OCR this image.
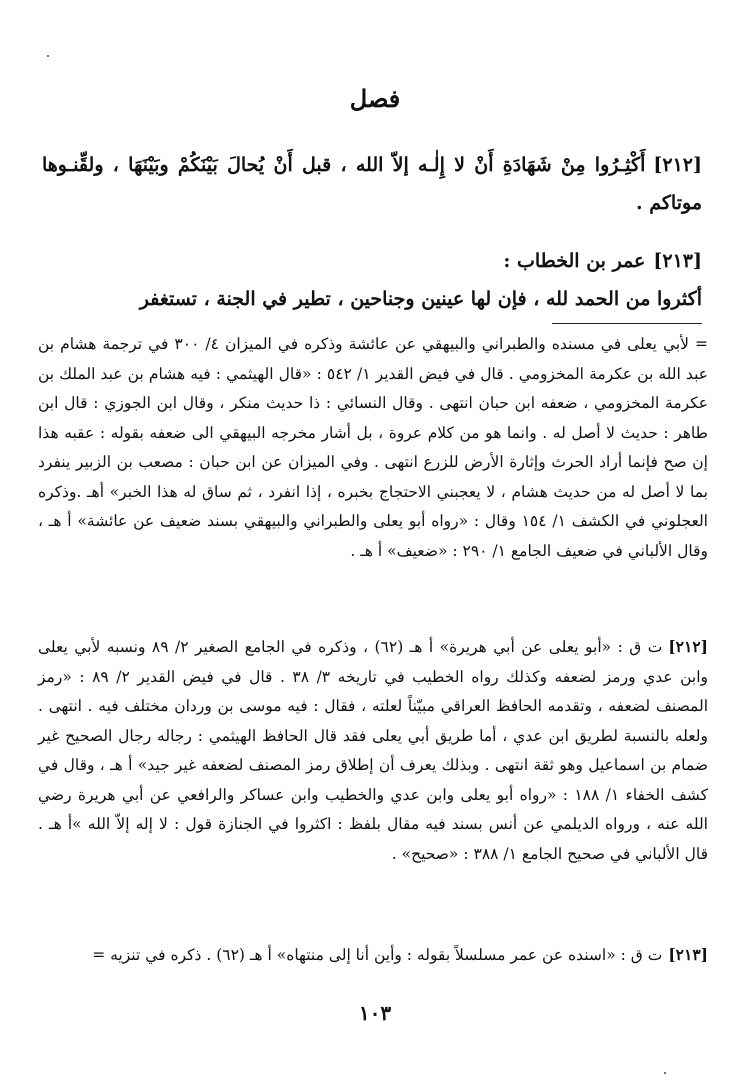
فصل
[٢١٢]أَكْثِـرُوا مِنْ شَهَادَةِ أَنْ لا إِلٰـه إلاّ الله ، قبل أَنْ يُحالَ بَيْنَكُمْ وبَيْنَهَا ، ولقِّنـوها موتاكم .
[٢١٣]عمر بن الخطاب :
أكثروا من الحمد لله ، فإن لها عينين وجناحين ، تطير في الجنة ، تستغفر
= لأبي يعلى في مسنده والطبراني والبيهقي عن عائشة وذكره في الميزان ٤/ ٣٠٠ في ترجمة هشام بن عبد الله بن عكرمة المخزومي . قال في فيض القدير ١/ ٥٤٢ : «قال الهيثمي : فيه هشام بن عبد الملك بن عكرمة المخزومي ، ضعفه ابن حبان انتهى . وقال النسائي : ذا حديث منكر ، وقال ابن الجوزي : قال ابن طاهر : حديث لا أصل له . وانما هو من كلام عروة ، بل أشار مخرجه البيهقي الى ضعفه بقوله : عقبه هذا إن صح فإنما أراد الحرث وإثارة الأرض للزرع انتهى . وفي الميزان عن ابن حبان : مصعب بن الزبير ينفرد بما لا أصل له من حديث هشام ، لا يعجبني الاحتجاج بخبره ، إذا انفرد ، ثم ساق له هذا الخبر» أهـ .وذكره العجلوني في الكشف ١/ ١٥٤ وقال : «رواه أبو يعلى والطبراني والبيهقي بسند ضعيف عن عائشة» أ هـ ، وقال الألباني في ضعيف الجامع ١/ ٢٩٠ : «ضعيف» أ هـ .
[٢١٢]ت ق : «أبو يعلى عن أبي هريرة» أ هـ (٦٢) ، وذكره في الجامع الصغير ٢/ ٨٩ ونسبه لأبي يعلى وابن عدي ورمز لضعفه وكذلك رواه الخطيب في تاريخه ٣/ ٣٨ . قال في فيض القدير ٢/ ٨٩ : «رمز المصنف لضعفه ، وتقدمه الحافظ العراقي مبيّناً لعلته ، فقال : فيه موسى بن وردان مختلف فيه . انتهى . ولعله بالنسبة لطريق ابن عدي ، أما طريق أبي يعلى فقد قال الحافظ الهيثمي : رجاله رجال الصحيح غير ضمام بن اسماعيل وهو ثقة انتهى . وبذلك يعرف أن إطلاق رمز المصنف لضعفه غير جيد» أ هـ ، وقال في كشف الخفاء ١/ ١٨٨ : «رواه أبو يعلى وابن عدي والخطيب وابن عساكر والرافعي عن أبي هريرة رضي الله عنه ، ورواه الديلمي عن أنس بسند فيه مقال بلفظ : اكثروا في الجنازة قول : لا إله إلاّ الله »أ هـ . قال الألباني في صحيح الجامع ١/ ٣٨٨ : «صحيح» .
[٢١٣]ت ق : «اسنده عن عمر مسلسلاً بقوله : وأين أنا إلى منتهاه» أ هـ (٦٢) . ذكره في تنزيه =
١٠٣
